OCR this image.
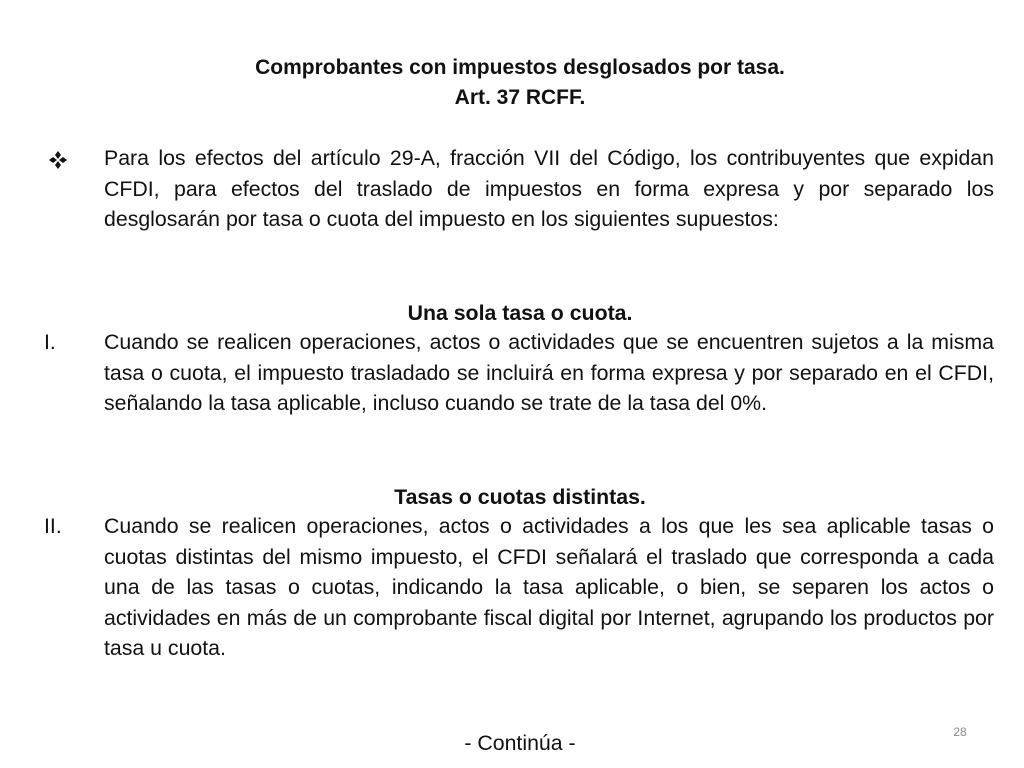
Comprobantes con impuestos desglosados por tasa.
Art. 37 RCFF.
Para los efectos del artículo 29-A, fracción VII del Código, los contribuyentes que expidan CFDI, para efectos del traslado de impuestos en forma expresa y por separado los desglosarán por tasa o cuota del impuesto en los siguientes supuestos:
Una sola tasa o cuota.
I. Cuando se realicen operaciones, actos o actividades que se encuentren sujetos a la misma tasa o cuota, el impuesto trasladado se incluirá en forma expresa y por separado en el CFDI, señalando la tasa aplicable, incluso cuando se trate de la tasa del 0%.
Tasas o cuotas distintas.
II. Cuando se realicen operaciones, actos o actividades a los que les sea aplicable tasas o cuotas distintas del mismo impuesto, el CFDI señalará el traslado que corresponda a cada una de las tasas o cuotas, indicando la tasa aplicable, o bien, se separen los actos o actividades en más de un comprobante fiscal digital por Internet, agrupando los productos por tasa u cuota.
- Continúa -	28
